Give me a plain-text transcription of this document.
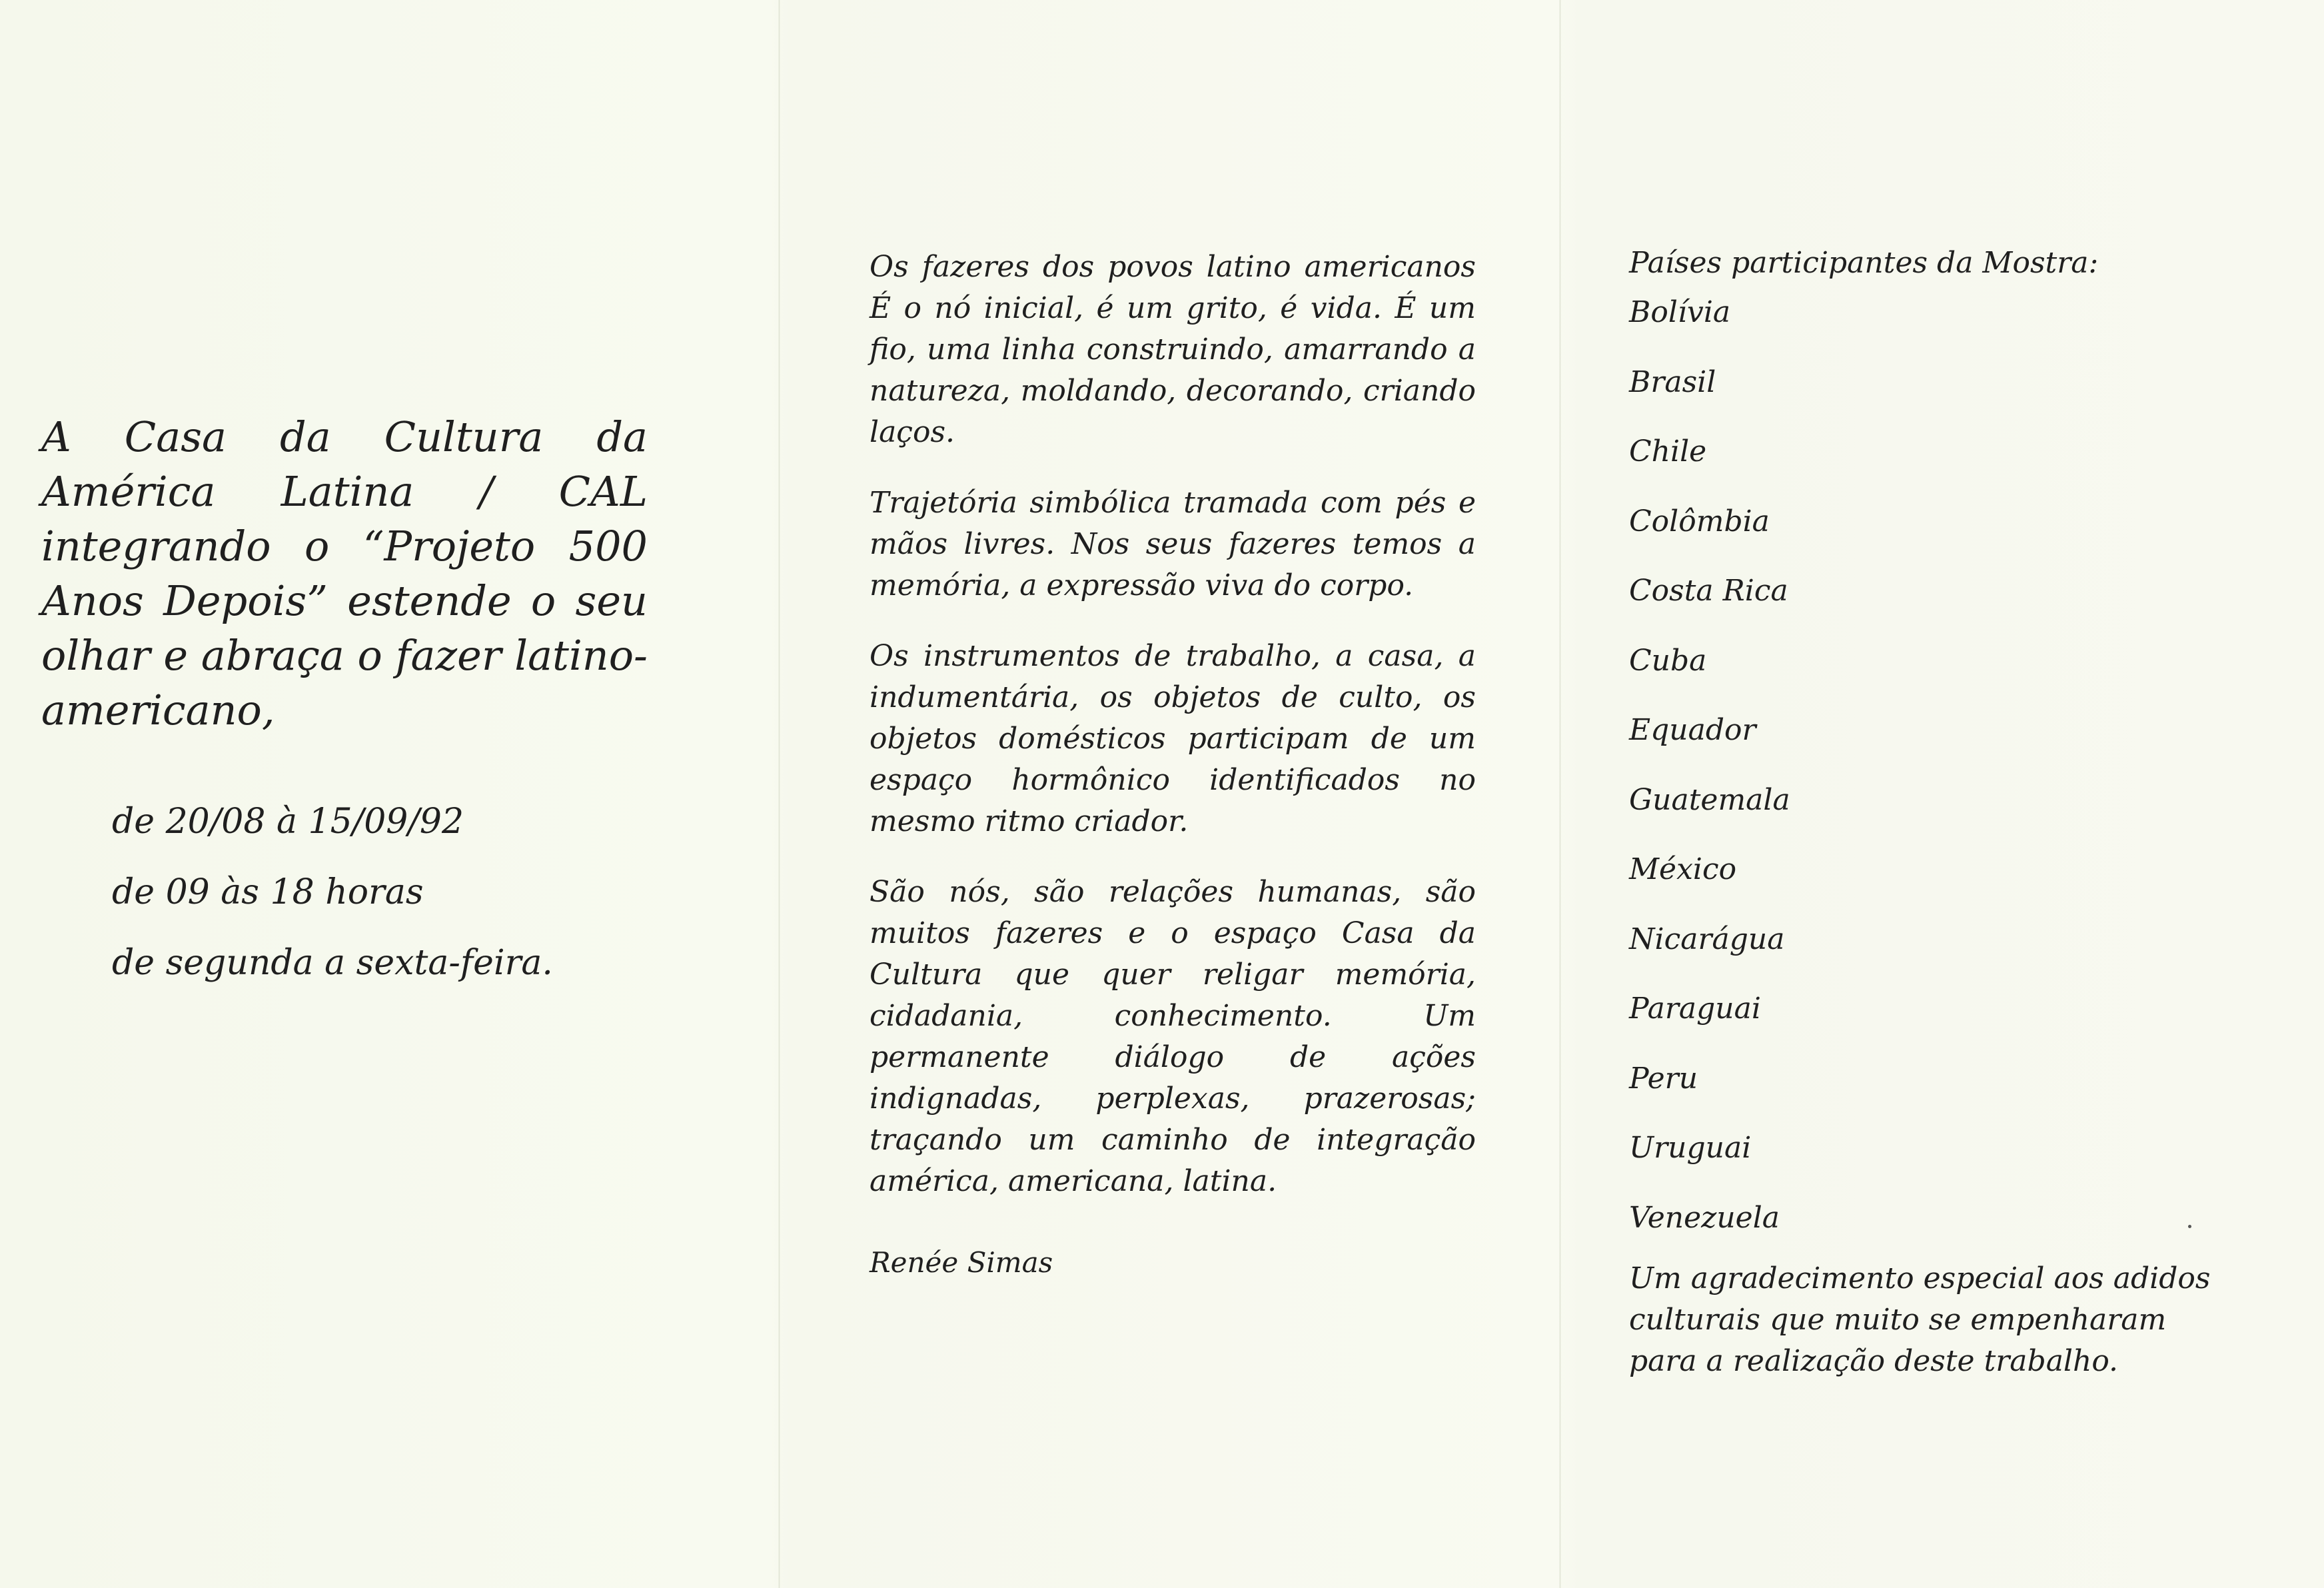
A Casa da Cultura da América Latina / CAL integrando o “Projeto 500 Anos Depois” estende o seu olhar e abraça o fazer latino-americano,

de 20/08 à 15/09/92
de 09 às 18 horas
de segunda a sexta-feira.

Os fazeres dos povos latino americanos É o nó inicial, é um grito, é vida. É um fio, uma linha construindo, amarrando a natureza, moldando, decorando, criando laços.

Trajetória simbólica tramada com pés e mãos livres. Nos seus fazeres temos a memória, a expressão viva do corpo.

Os instrumentos de trabalho, a casa, a indumentária, os objetos de culto, os objetos domésticos participam de um espaço hormônico identificados no mesmo ritmo criador.

São nós, são relações humanas, são muitos fazeres e o espaço Casa da Cultura que quer religar memória, cidadania, conhecimento. Um permanente diálogo de ações indignadas, perplexas, prazerosas; traçando um caminho de integração américa, americana, latina.

Renée Simas
Países participantes da Mostra:
Bolívia
Brasil
Chile
Colômbia
Costa Rica
Cuba
Equador
Guatemala
México
Nicarágua
Paraguai
Peru
Uruguai
Venezuela

Um agradecimento especial aos adidos culturais que muito se empenharam para a realização deste trabalho.
